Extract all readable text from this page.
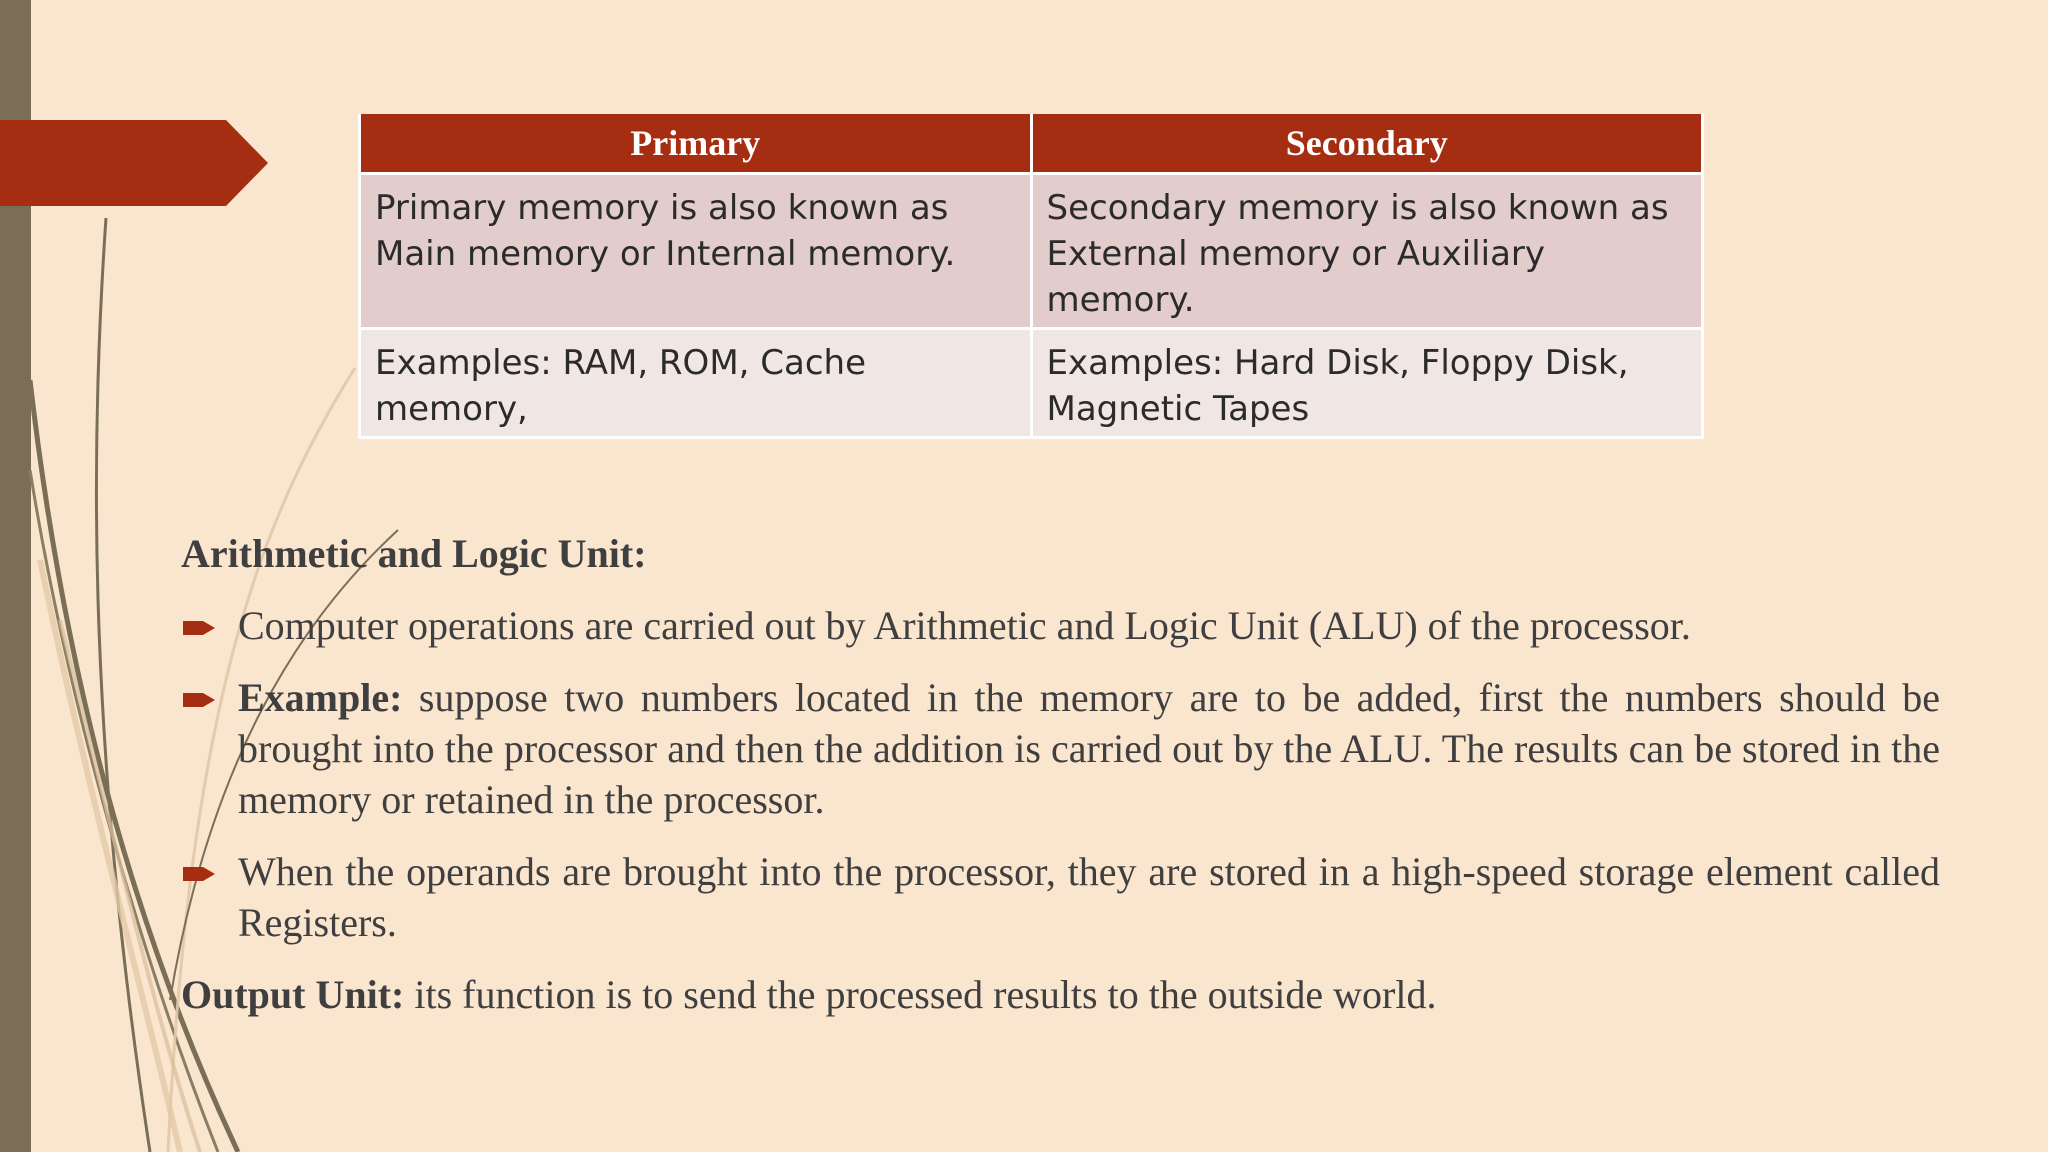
Primary	Secondary
Primary memory is also known as Main memory or Internal memory.	Secondary memory is also known as External memory or Auxiliary memory.
Examples: RAM, ROM, Cache memory,	Examples: Hard Disk, Floppy Disk, Magnetic Tapes

Arithmetic and Logic Unit:

Computer operations are carried out by Arithmetic and Logic Unit (ALU) of the processor.
Example: suppose two numbers located in the memory are to be added, first the numbers should be brought into the processor and then the addition is carried out by the ALU. The results can be stored in the memory or retained in the processor.
When the operands are brought into the processor, they are stored in a high-speed storage element called Registers.

Output Unit: its function is to send the processed results to the outside world.
